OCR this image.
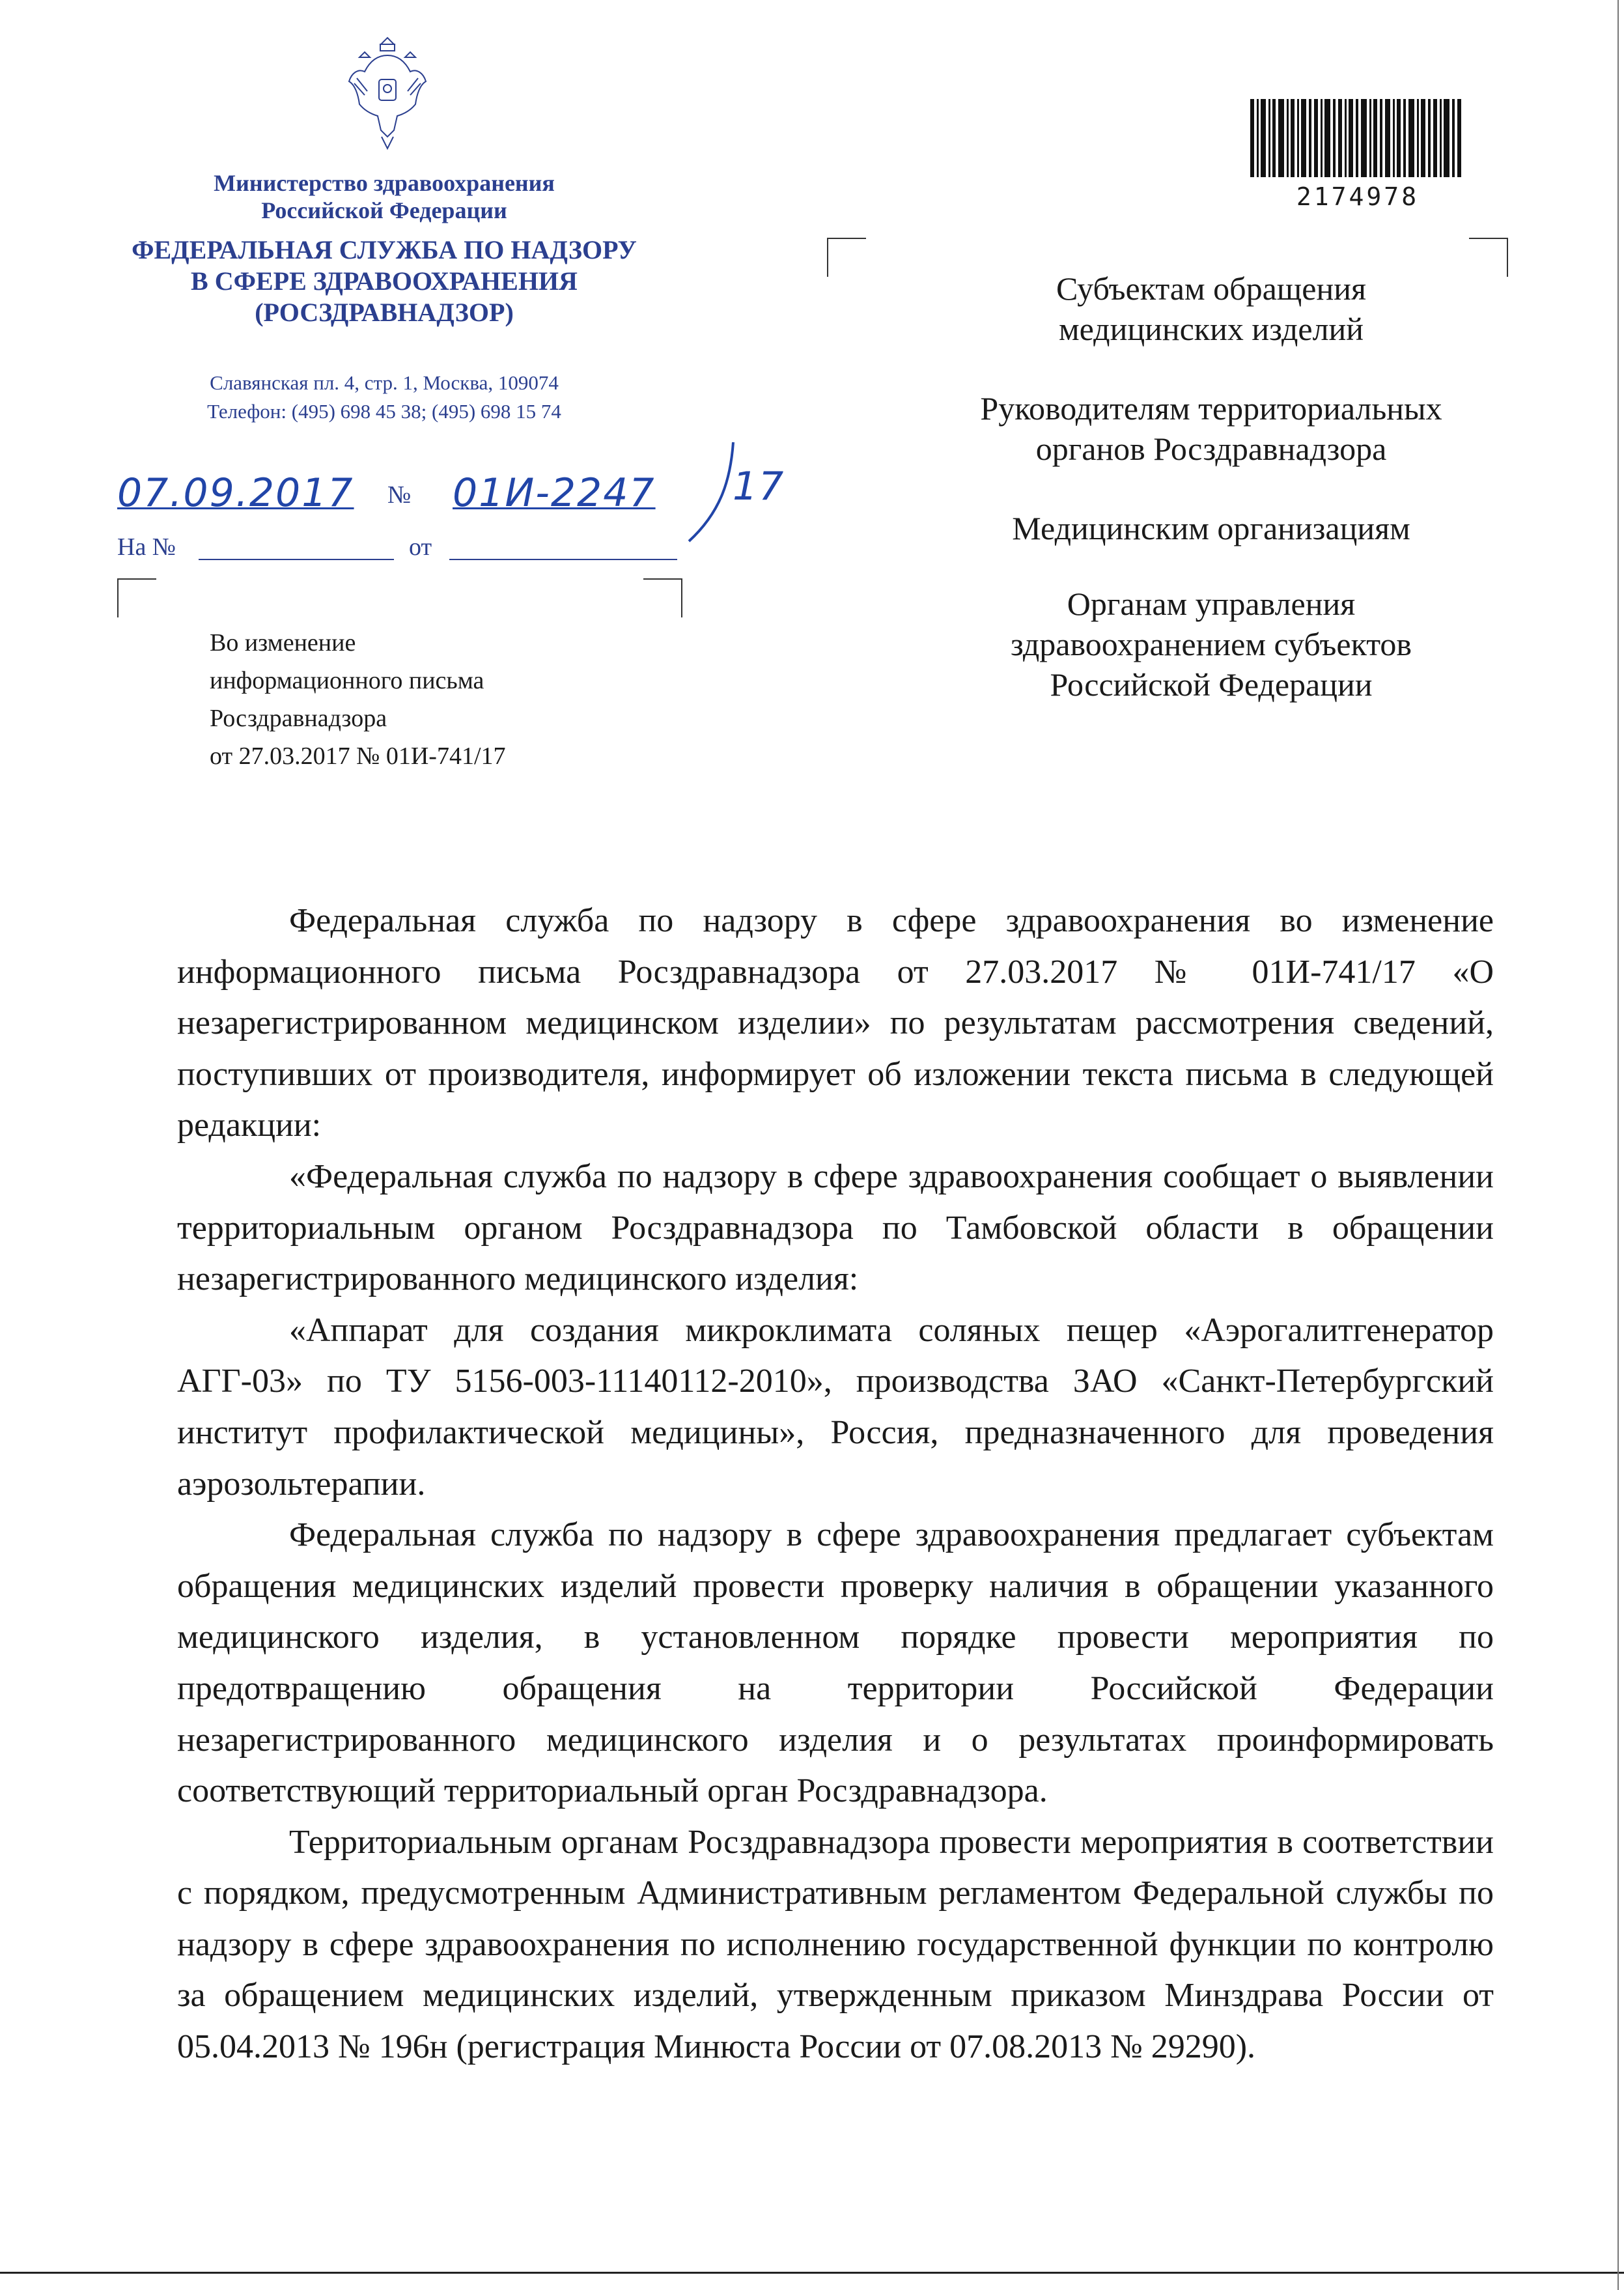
Министерство здравоохранения
Российской Федерации
ФЕДЕРАЛЬНАЯ СЛУЖБА ПО НАДЗОРУ
В СФЕРЕ ЗДРАВООХРАНЕНИЯ
(РОСЗДРАВНАДЗОР)
Славянская пл. 4, стр. 1, Москва, 109074
Телефон: (495) 698 45 38; (495) 698 15 74
07.09.2017 № 01И-2247 17
На №	от
Во изменение
информационного письма
Росздравнадзора
от 27.03.2017 № 01И-741/17
2174978
Субъектам обращения
медицинских изделий
Руководителям территориальных
органов Росздравнадзора
Медицинским организациям
Органам управления
здравоохранением субъектов
Российской Федерации

Федеральная служба по надзору в сфере здравоохранения во изменение информационного письма Росздравнадзора от 27.03.2017 № 01И-741/17 «О незарегистрированном медицинском изделии» по результатам рассмотрения сведений, поступивших от производителя, информирует об изложении текста письма в следующей редакции:

«Федеральная служба по надзору в сфере здравоохранения сообщает о выявлении территориальным органом Росздравнадзора по Тамбовской области в обращении незарегистрированного медицинского изделия:

«Аппарат для создания микроклимата соляных пещер «Аэрогалитгенератор АГГ-03» по ТУ 5156-003-11140112-2010», производства ЗАО «Санкт-Петербургский институт профилактической медицины», Россия, предназначенного для проведения аэрозольтерапии.

Федеральная служба по надзору в сфере здравоохранения предлагает субъектам обращения медицинских изделий провести проверку наличия в обращении указанного медицинского изделия, в установленном порядке провести мероприятия по предотвращению обращения на территории Российской Федерации незарегистрированного медицинского изделия и о результатах проинформировать соответствующий территориальный орган Росздравнадзора.

Территориальным органам Росздравнадзора провести мероприятия в соответствии с порядком, предусмотренным Административным регламентом Федеральной службы по надзору в сфере здравоохранения по исполнению государственной функции по контролю за обращением медицинских изделий, утвержденным приказом Минздрава России от 05.04.2013 № 196н (регистрация Минюста России от 07.08.2013 № 29290).
